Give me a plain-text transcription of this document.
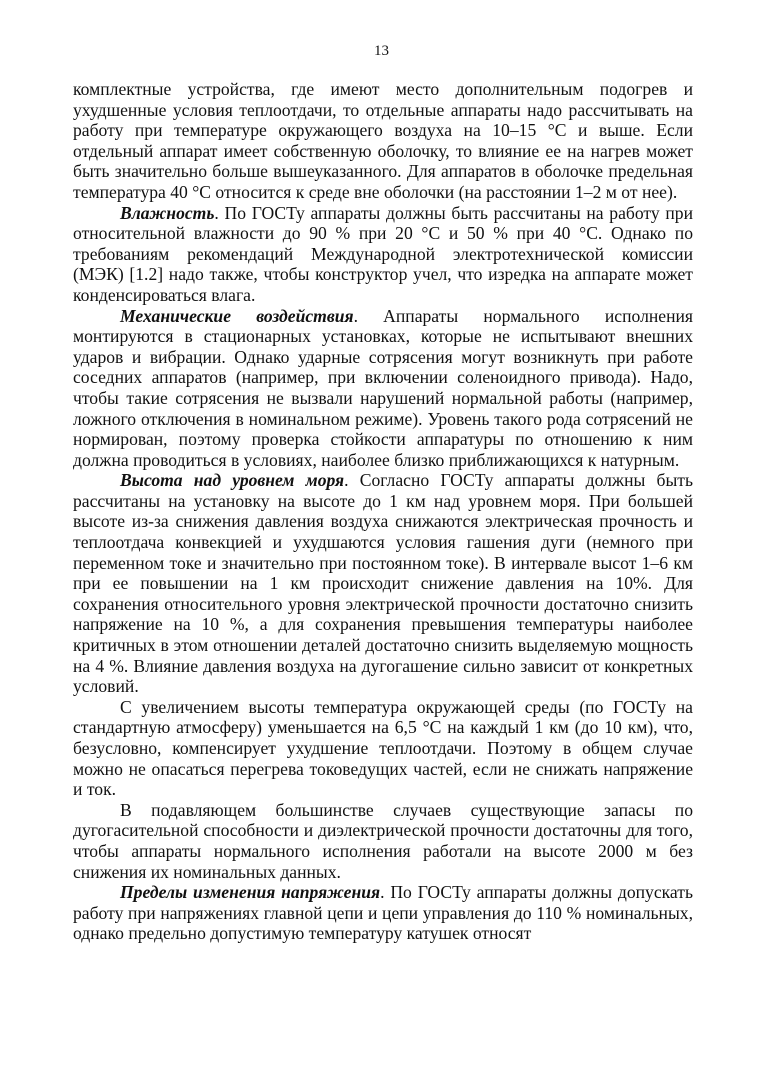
13

комплектные устройства, где имеют место дополнительным подогрев и ухудшенные условия теплоотдачи, то отдельные аппараты надо рассчитывать на работу при температуре окружающего воздуха на 10–15 °С и выше. Если отдельный аппарат имеет собственную оболочку, то влияние ее на нагрев может быть значительно больше вышеуказанного. Для аппаратов в оболочке предельная температура 40 °С относится к среде вне оболочки (на расстоянии 1–2 м от нее).

Влажность. По ГОСТу аппараты должны быть рассчитаны на работу при относительной влажности до 90 % при 20 °С и 50 % при 40 °С. Однако по требованиям рекомендаций Международной электротехнической комиссии (МЭК) [1.2] надо также, чтобы конструктор учел, что изредка на аппарате может конденсироваться влага.

Механические воздействия. Аппараты нормального исполнения монтируются в стационарных установках, которые не испытывают внешних ударов и вибрации. Однако ударные сотрясения могут возникнуть при работе соседних аппаратов (например, при включении соленоидного привода). Надо, чтобы такие сотрясения не вызвали нарушений нормальной работы (например, ложного отключения в номинальном режиме). Уровень такого рода сотрясений не нормирован, поэтому проверка стойкости аппаратуры по отношению к ним должна проводиться в условиях, наиболее близко приближающихся к натурным.

Высота над уровнем моря. Согласно ГОСТу аппараты должны быть рассчитаны на установку на высоте до 1 км над уровнем моря. При большей высоте из-за снижения давления воздуха снижаются электрическая прочность и теплоотдача конвекцией и ухудшаются условия гашения дуги (немного при переменном токе и значительно при постоянном токе). В интервале высот 1–6 км при ее повышении на 1 км происходит снижение давления на 10%. Для сохранения относительного уровня электрической прочности достаточно снизить напряжение на 10 %, а для сохранения превышения температуры наиболее критичных в этом отношении деталей достаточно снизить выделяемую мощность на 4 %. Влияние давления воздуха на дугогашение сильно зависит от конкретных условий.

С увеличением высоты температура окружающей среды (по ГОСТу на стандартную атмосферу) уменьшается на 6,5 °С на каждый 1 км (до 10 км), что, безусловно, компенсирует ухудшение теплоотдачи. Поэтому в общем случае можно не опасаться перегрева токоведущих частей, если не снижать напряжение и ток.

В подавляющем большинстве случаев существующие запасы по дугогасительной способности и диэлектрической прочности достаточны для того, чтобы аппараты нормального исполнения работали на высоте 2000 м без снижения их номинальных данных.

Пределы изменения напряжения. По ГОСТу аппараты должны допускать работу при напряжениях главной цепи и цепи управления до 110 % номинальных, однако предельно допустимую температуру катушек относят
